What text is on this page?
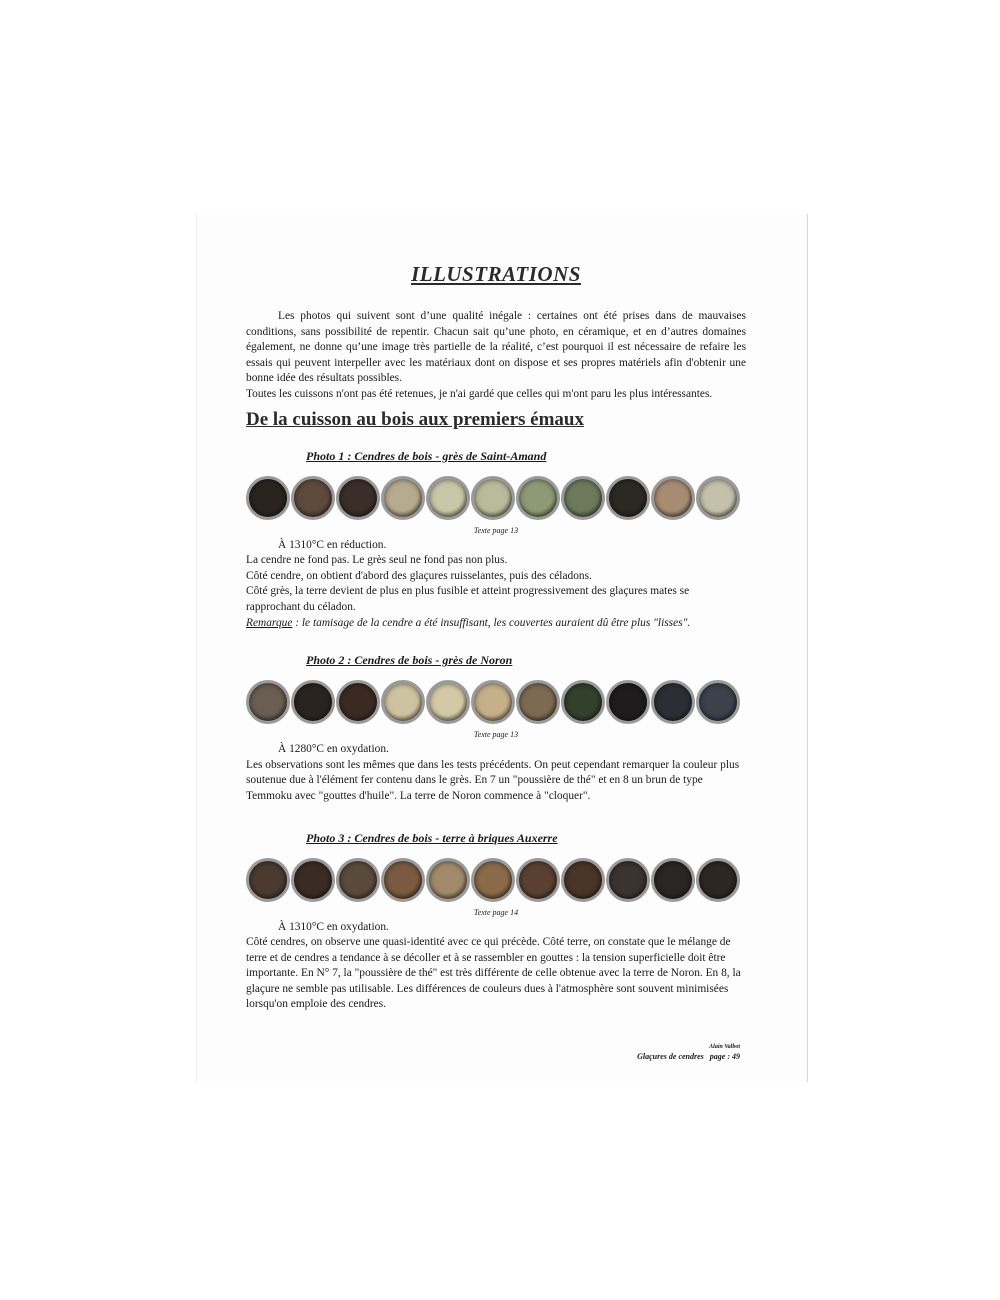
ILLUSTRATIONS

Les photos qui suivent sont d’une qualité inégale : certaines ont été prises dans de mauvaises conditions, sans possibilité de repentir. Chacun sait qu’une photo, en céramique, et en d’autres domaines également, ne donne qu’une image très partielle de la réalité, c’est pourquoi il est nécessaire de refaire les essais qui peuvent interpeller avec les matériaux dont on dispose et ses propres matériels afin d'obtenir une bonne idée des résultats possibles.

Toutes les cuissons n'ont pas été retenues, je n'ai gardé que celles qui m'ont paru les plus intéressantes.

De la cuisson au bois aux premiers émaux
Photo 1 : Cendres de bois - grès de Saint-Amand
Texte page 13

À 1310°C en réduction.

La cendre ne fond pas. Le grès seul ne fond pas non plus.

Côté cendre, on obtient d'abord des glaçures ruisselantes, puis des céladons.

Côté grès, la terre devient de plus en plus fusible et atteint progressivement des glaçures mates se rapprochant du céladon.

Remarque : le tamisage de la cendre a été insuffisant, les couvertes auraient dû être plus "lisses".

Photo 2 : Cendres de bois - grès de Noron
Texte page 13

À 1280°C en oxydation.

Les observations sont les mêmes que dans les tests précédents. On peut cependant remarquer la couleur plus soutenue due à l'élément fer contenu dans le grès. En 7 un "poussière de thé" et en 8 un brun de type Temmoku avec "gouttes d'huile". La terre de Noron commence à "cloquer".

Photo 3 : Cendres de bois - terre à briques Auxerre
Texte page 14

À 1310°C en oxydation.

Côté cendres, on observe une quasi-identité avec ce qui précède. Côté terre, on constate que le mélange de terre et de cendres a tendance à se décoller et à se rassembler en gouttes : la tension superficielle doit être importante. En N° 7, la "poussière de thé" est très différente de celle obtenue avec la terre de Noron. En 8, la glaçure ne semble pas utilisable. Les différences de couleurs dues à l'atmosphère sont souvent minimisées lorsqu'on emploie des cendres.

Alain Valbot
Glaçures de cendres page : 49
